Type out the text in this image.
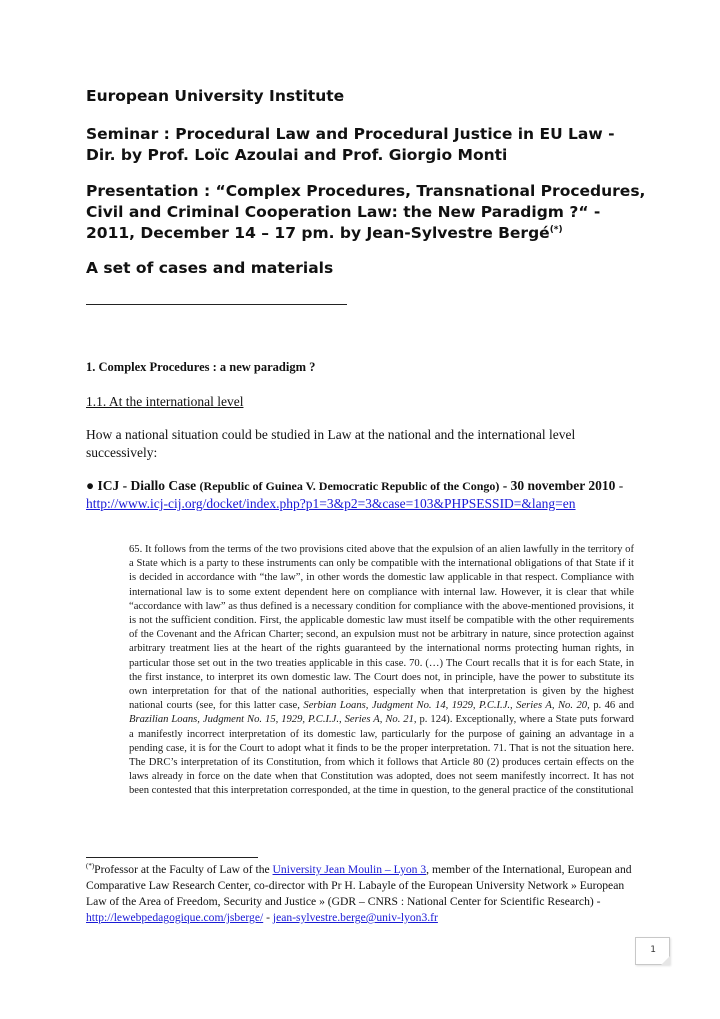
European University Institute

Seminar : Procedural Law and Procedural Justice in EU Law - Dir. by Prof. Loïc Azoulai and Prof. Giorgio Monti

Presentation : “Complex Procedures, Transnational Procedures, Civil and Criminal Cooperation Law: the New Paradigm ?“ - 2011, December 14 – 17 pm. by Jean-Sylvestre Bergé(*)

A set of cases and materials

1. Complex Procedures : a new paradigm ?

1.1. At the international level

How a national situation could be studied in Law at the national and the international level successively:

● ICJ - Diallo Case (Republic of Guinea V. Democratic Republic of the Congo) - 30 november 2010 -
http://www.icj-cij.org/docket/index.php?p1=3&p2=3&case=103&PHPSESSID=&lang=en

65. It follows from the terms of the two provisions cited above that the expulsion of an alien lawfully in the territory of a State which is a party to these instruments can only be compatible with the international obligations of that State if it is decided in accordance with “the law”, in other words the domestic law applicable in that respect. Compliance with international law is to some extent dependent here on compliance with internal law. However, it is clear that while “accordance with law” as thus defined is a necessary condition for compliance with the above-mentioned provisions, it is not the sufficient condition. First, the applicable domestic law must itself be compatible with the other requirements of the Covenant and the African Charter; second, an expulsion must not be arbitrary in nature, since protection against arbitrary treatment lies at the heart of the rights guaranteed by the international norms protecting human rights, in particular those set out in the two treaties applicable in this case. 70. (…) The Court recalls that it is for each State, in the first instance, to interpret its own domestic law. The Court does not, in principle, have the power to substitute its own interpretation for that of the national authorities, especially when that interpretation is given by the highest national courts (see, for this latter case, Serbian Loans, Judgment No. 14, 1929, P.C.I.J., Series A, No. 20, p. 46 and Brazilian Loans, Judgment No. 15, 1929, P.C.I.J., Series A, No. 21, p. 124). Exceptionally, where a State puts forward a manifestly incorrect interpretation of its domestic law, particularly for the purpose of gaining an advantage in a pending case, it is for the Court to adopt what it finds to be the proper interpretation. 71. That is not the situation here. The DRC’s interpretation of its Constitution, from which it follows that Article 80 (2) produces certain effects on the laws already in force on the date when that Constitution was adopted, does not seem manifestly incorrect. It has not been contested that this interpretation corresponded, at the time in question, to the general practice of the constitutional

(*)Professor at the Faculty of Law of the University Jean Moulin – Lyon 3, member of the International, European and Comparative Law Research Center, co-director with Pr H. Labayle of the European University Network » European Law of the Area of Freedom, Security and Justice » (GDR – CNRS : National Center for Scientific Research) - http://lewebpedagogique.com/jsberge/ - jean-sylvestre.berge@univ-lyon3.fr

1
